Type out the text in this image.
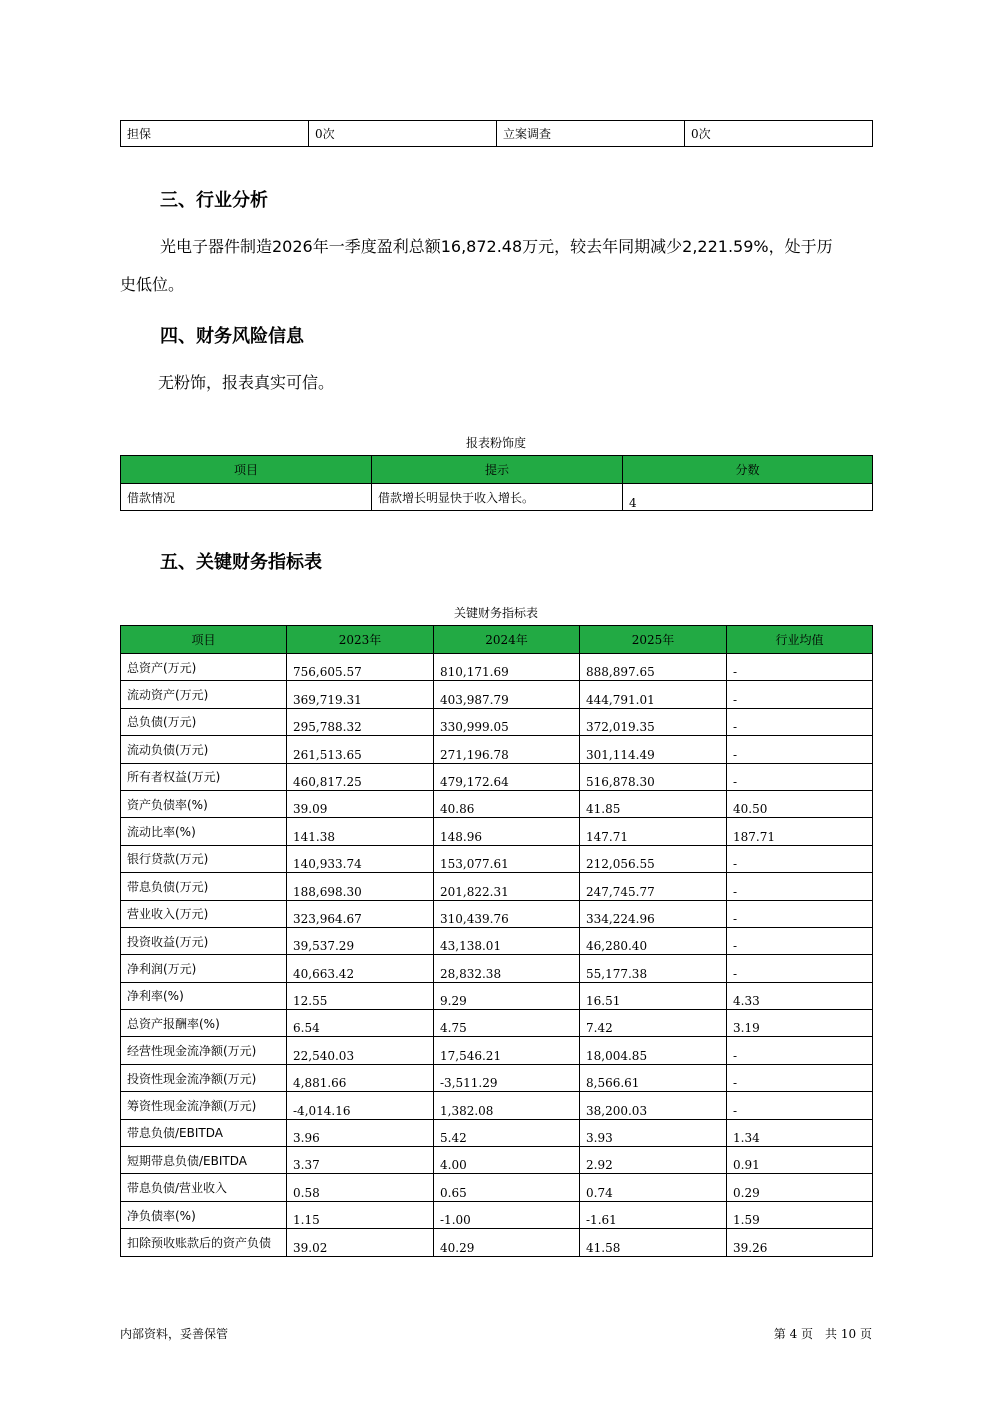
担保	0次	立案调查	0次
三、行业分析
光电子器件制造2026年一季度盈利总额16,872.48万元，较去年同期减少2,221.59%，处于历
史低位。
四、财务风险信息
无粉饰，报表真实可信。
报表粉饰度
项目	提示	分数
借款情况	借款增长明显快于收入增长。	4
五、关键财务指标表
关键财务指标表
项目	2023年	2024年	2025年	行业均值
总资产(万元)	756,605.57	810,171.69	888,897.65	-
流动资产(万元)	369,719.31	403,987.79	444,791.01	-
总负债(万元)	295,788.32	330,999.05	372,019.35	-
流动负债(万元)	261,513.65	271,196.78	301,114.49	-
所有者权益(万元)	460,817.25	479,172.64	516,878.30	-
资产负债率(%)	39.09	40.86	41.85	40.50
流动比率(%)	141.38	148.96	147.71	187.71
银行贷款(万元)	140,933.74	153,077.61	212,056.55	-
带息负债(万元)	188,698.30	201,822.31	247,745.77	-
营业收入(万元)	323,964.67	310,439.76	334,224.96	-
投资收益(万元)	39,537.29	43,138.01	46,280.40	-
净利润(万元)	40,663.42	28,832.38	55,177.38	-
净利率(%)	12.55	9.29	16.51	4.33
总资产报酬率(%)	6.54	4.75	7.42	3.19
经营性现金流净额(万元)	22,540.03	17,546.21	18,004.85	-
投资性现金流净额(万元)	4,881.66	-3,511.29	8,566.61	-
筹资性现金流净额(万元)	-4,014.16	1,382.08	38,200.03	-
带息负债/EBITDA	3.96	5.42	3.93	1.34
短期带息负债/EBITDA	3.37	4.00	2.92	0.91
带息负债/营业收入	0.58	0.65	0.74	0.29
净负债率(%)	1.15	-1.00	-1.61	1.59
扣除预收账款后的资产负债	39.02	40.29	41.58	39.26
内部资料，妥善保管	第 4 页　共 10 页
